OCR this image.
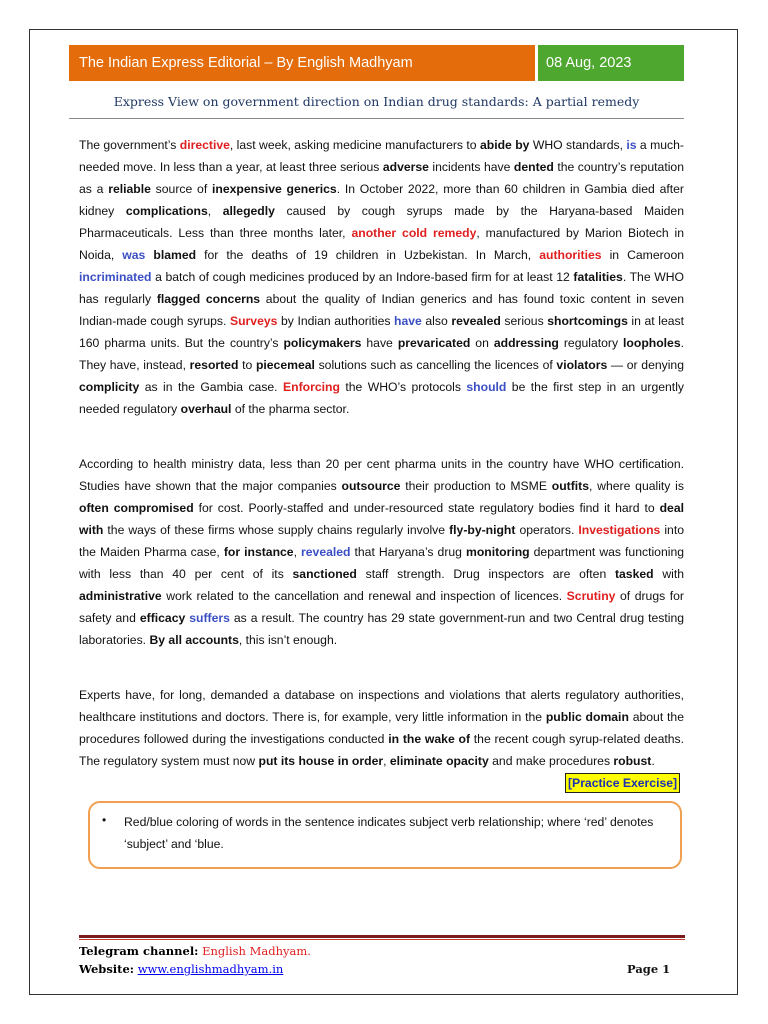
The Indian Express Editorial – By English Madhyam	08 Aug, 2023
Express View on government direction on Indian drug standards: A partial remedy

The government’s directive, last week, asking medicine manufacturers to abide by WHO standards, is a much-needed move. In less than a year, at least three serious adverse incidents have dented the country’s reputation as a reliable source of inexpensive generics. In October 2022, more than 60 children in Gambia died after kidney complications, allegedly caused by cough syrups made by the Haryana-based Maiden Pharmaceuticals. Less than three months later, another cold remedy, manufactured by Marion Biotech in Noida, was blamed for the deaths of 19 children in Uzbekistan. In March, authorities in Cameroon incriminated a batch of cough medicines produced by an Indore-based firm for at least 12 fatalities. The WHO has regularly flagged concerns about the quality of Indian generics and has found toxic content in seven Indian-made cough syrups. Surveys by Indian authorities have also revealed serious shortcomings in at least 160 pharma units. But the country’s policymakers have prevaricated on addressing regulatory loopholes. They have, instead, resorted to piecemeal solutions such as cancelling the licences of violators — or denying complicity as in the Gambia case. Enforcing the WHO’s protocols should be the first step in an urgently needed regulatory overhaul of the pharma sector.

According to health ministry data, less than 20 per cent pharma units in the country have WHO certification. Studies have shown that the major companies outsource their production to MSME outfits, where quality is often compromised for cost. Poorly-staffed and under-resourced state regulatory bodies find it hard to deal with the ways of these firms whose supply chains regularly involve fly-by-night operators. Investigations into the Maiden Pharma case, for instance, revealed that Haryana’s drug monitoring department was functioning with less than 40 per cent of its sanctioned staff strength. Drug inspectors are often tasked with administrative work related to the cancellation and renewal and inspection of licences. Scrutiny of drugs for safety and efficacy suffers as a result. The country has 29 state government-run and two Central drug testing laboratories. By all accounts, this isn’t enough.

Experts have, for long, demanded a database on inspections and violations that alerts regulatory authorities, healthcare institutions and doctors. There is, for example, very little information in the public domain about the procedures followed during the investigations conducted in the wake of the recent cough syrup-related deaths. The regulatory system must now put its house in order, eliminate opacity and make procedures robust.

[Practice Exercise]
• Red/blue coloring of words in the sentence indicates subject verb relationship; where ‘red’ denotes ‘subject’ and ‘blue.
Telegram channel: English Madhyam.
Website: www.englishmadhyam.in	Page 1
